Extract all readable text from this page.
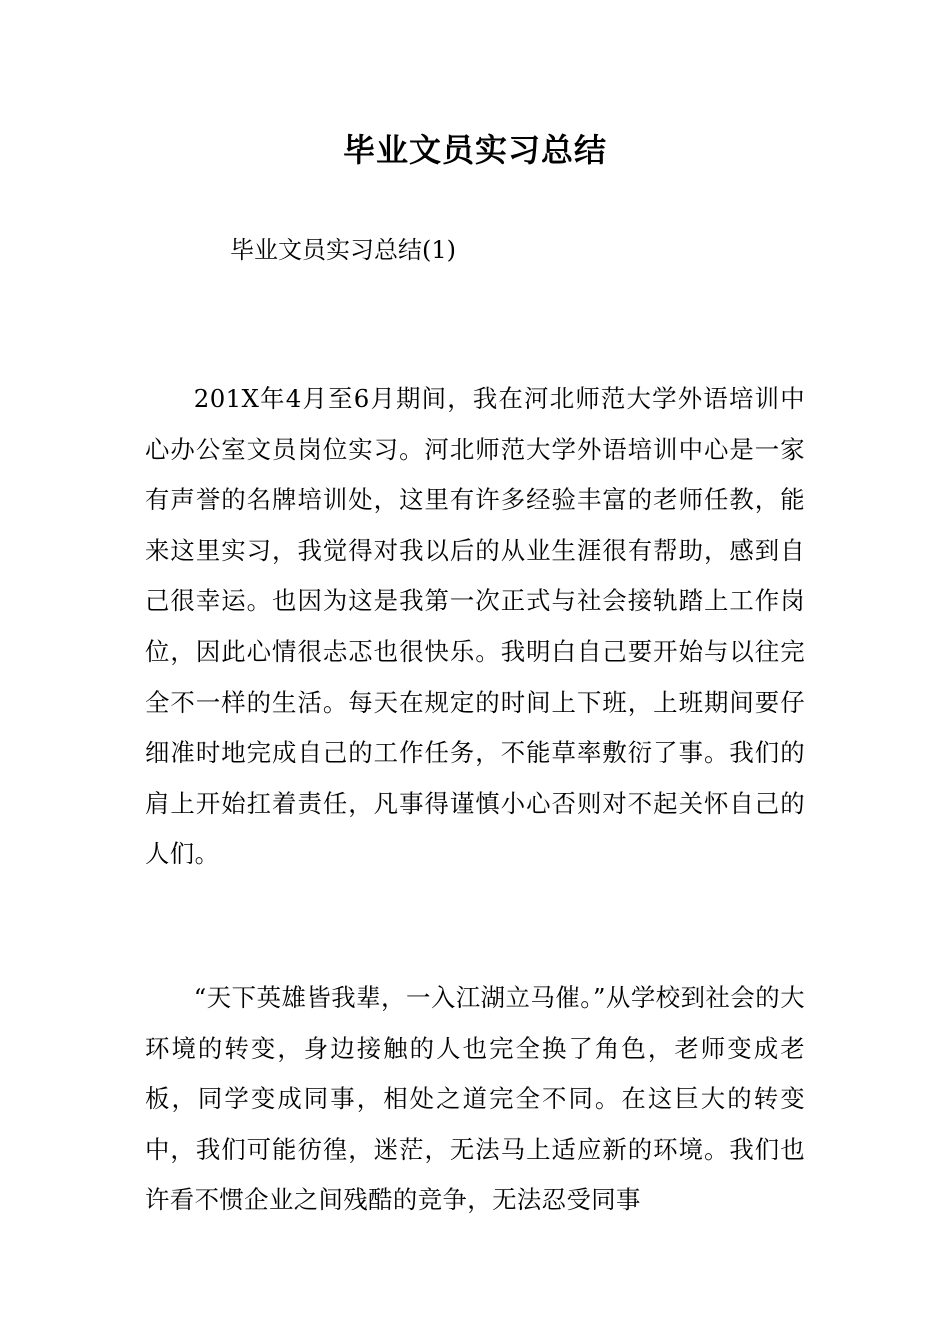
毕业文员实习总结

毕业文员实习总结(1)

201X年4月至6月期间，我在河北师范大学外语培训中心办公室文员岗位实习。河北师范大学外语培训中心是一家有声誉的名牌培训处，这里有许多经验丰富的老师任教，能来这里实习，我觉得对我以后的从业生涯很有帮助，感到自己很幸运。也因为这是我第一次正式与社会接轨踏上工作岗位，因此心情很忐忑也很快乐。我明白自己要开始与以往完全不一样的生活。每天在规定的时间上下班，上班期间要仔细准时地完成自己的工作任务，不能草率敷衍了事。我们的肩上开始扛着责任，凡事得谨慎小心否则对不起关怀自己的人们。

“天下英雄皆我辈，一入江湖立马催。”从学校到社会的大环境的转变，身边接触的人也完全换了角色，老师变成老板，同学变成同事，相处之道完全不同。在这巨大的转变中，我们可能彷徨，迷茫，无法马上适应新的环境。我们也许看不惯企业之间残酷的竞争，无法忍受同事
